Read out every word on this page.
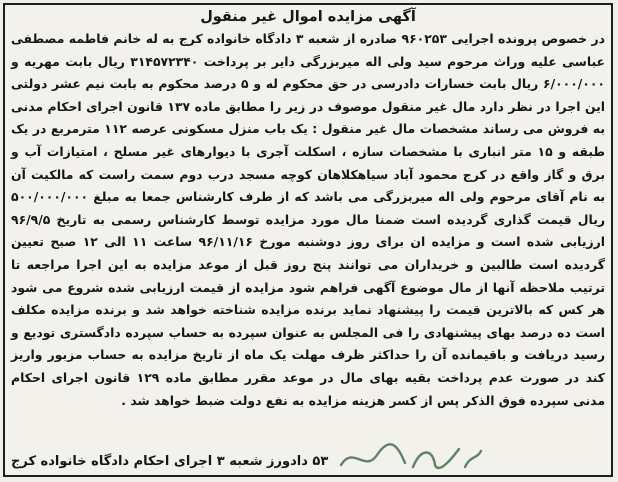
آگهی مزایده اموال غیر منقول

در خصوص پرونده اجرایی ۹۶۰۲۵۳ صادره از شعبه ۳ دادگاه خانواده کرج به له خانم فاطمه مصطفی عباسی علیه وراث مرحوم سید ولی اله میربزرگی دایر بر پرداخت ۳۱۴۵۷۲۳۴۰ ریال بابت مهریه و ۶/۰۰۰/۰۰۰ ریال بابت خسارات دادرسی در حق محکوم له و ۵ درصد محکوم به بابت نیم عشر دولتی این اجرا در نظر دارد مال غیر منقول موصوف در زیر را مطابق ماده ۱۳۷ قانون اجرای احکام مدنی به فروش می رساند مشخصات مال غیر منقول : یک باب منزل مسکونی عرصه ۱۱۲ مترمربع در یک طبقه و ۱۵ متر انباری با مشخصات سازه ، اسکلت آجری با دیوارهای غیر مسلح ، امتیازات آب و برق و گاز واقع در کرج محمود آباد سیاهکلاهان کوچه مسجد درب دوم سمت راست که مالکیت آن به نام آقای مرحوم ولی اله میربزرگی می باشد که از طرف کارشناس جمعا به مبلغ ۵۰۰/۰۰۰/۰۰۰ ریال قیمت گذاری گردیده است ضمنا مال مورد مزایده توسط کارشناس رسمی به تاریخ ۹۶/۹/۵ ارزیابی شده است و مزایده ان برای روز دوشنبه مورخ ۹۶/۱۱/۱۶ ساعت ۱۱ الی ۱۲ صبح تعیین گردیده است طالبین و خریداران می توانند پنج روز قبل از موعد مزایده به این اجرا مراجعه تا ترتیب ملاحظه آنها از مال موضوع آگهی فراهم شود مزایده از قیمت ارزیابی شده شروع می شود هر کس که بالاترین قیمت را پیشنهاد نماید برنده مزایده شناخته خواهد شد و برنده مزایده مکلف است ده درصد بهای پیشنهادی را فی المجلس به عنوان سپرده به حساب سپرده دادگستری تودیع و رسید دریافت و باقیمانده آن را حداکثر ظرف مهلت یک ماه از تاریخ مزایده به حساب مزبور واریز کند در صورت عدم پرداخت بقیه بهای مال در موعد مقرر مطابق ماده ۱۲۹ قانون اجرای احکام مدنی سپرده فوق الذکر پس از کسر هزینه مزایده به نفع دولت ضبط خواهد شد .

۵۳ دادورز شعبه ۳ اجرای احکام دادگاه خانواده کرج
